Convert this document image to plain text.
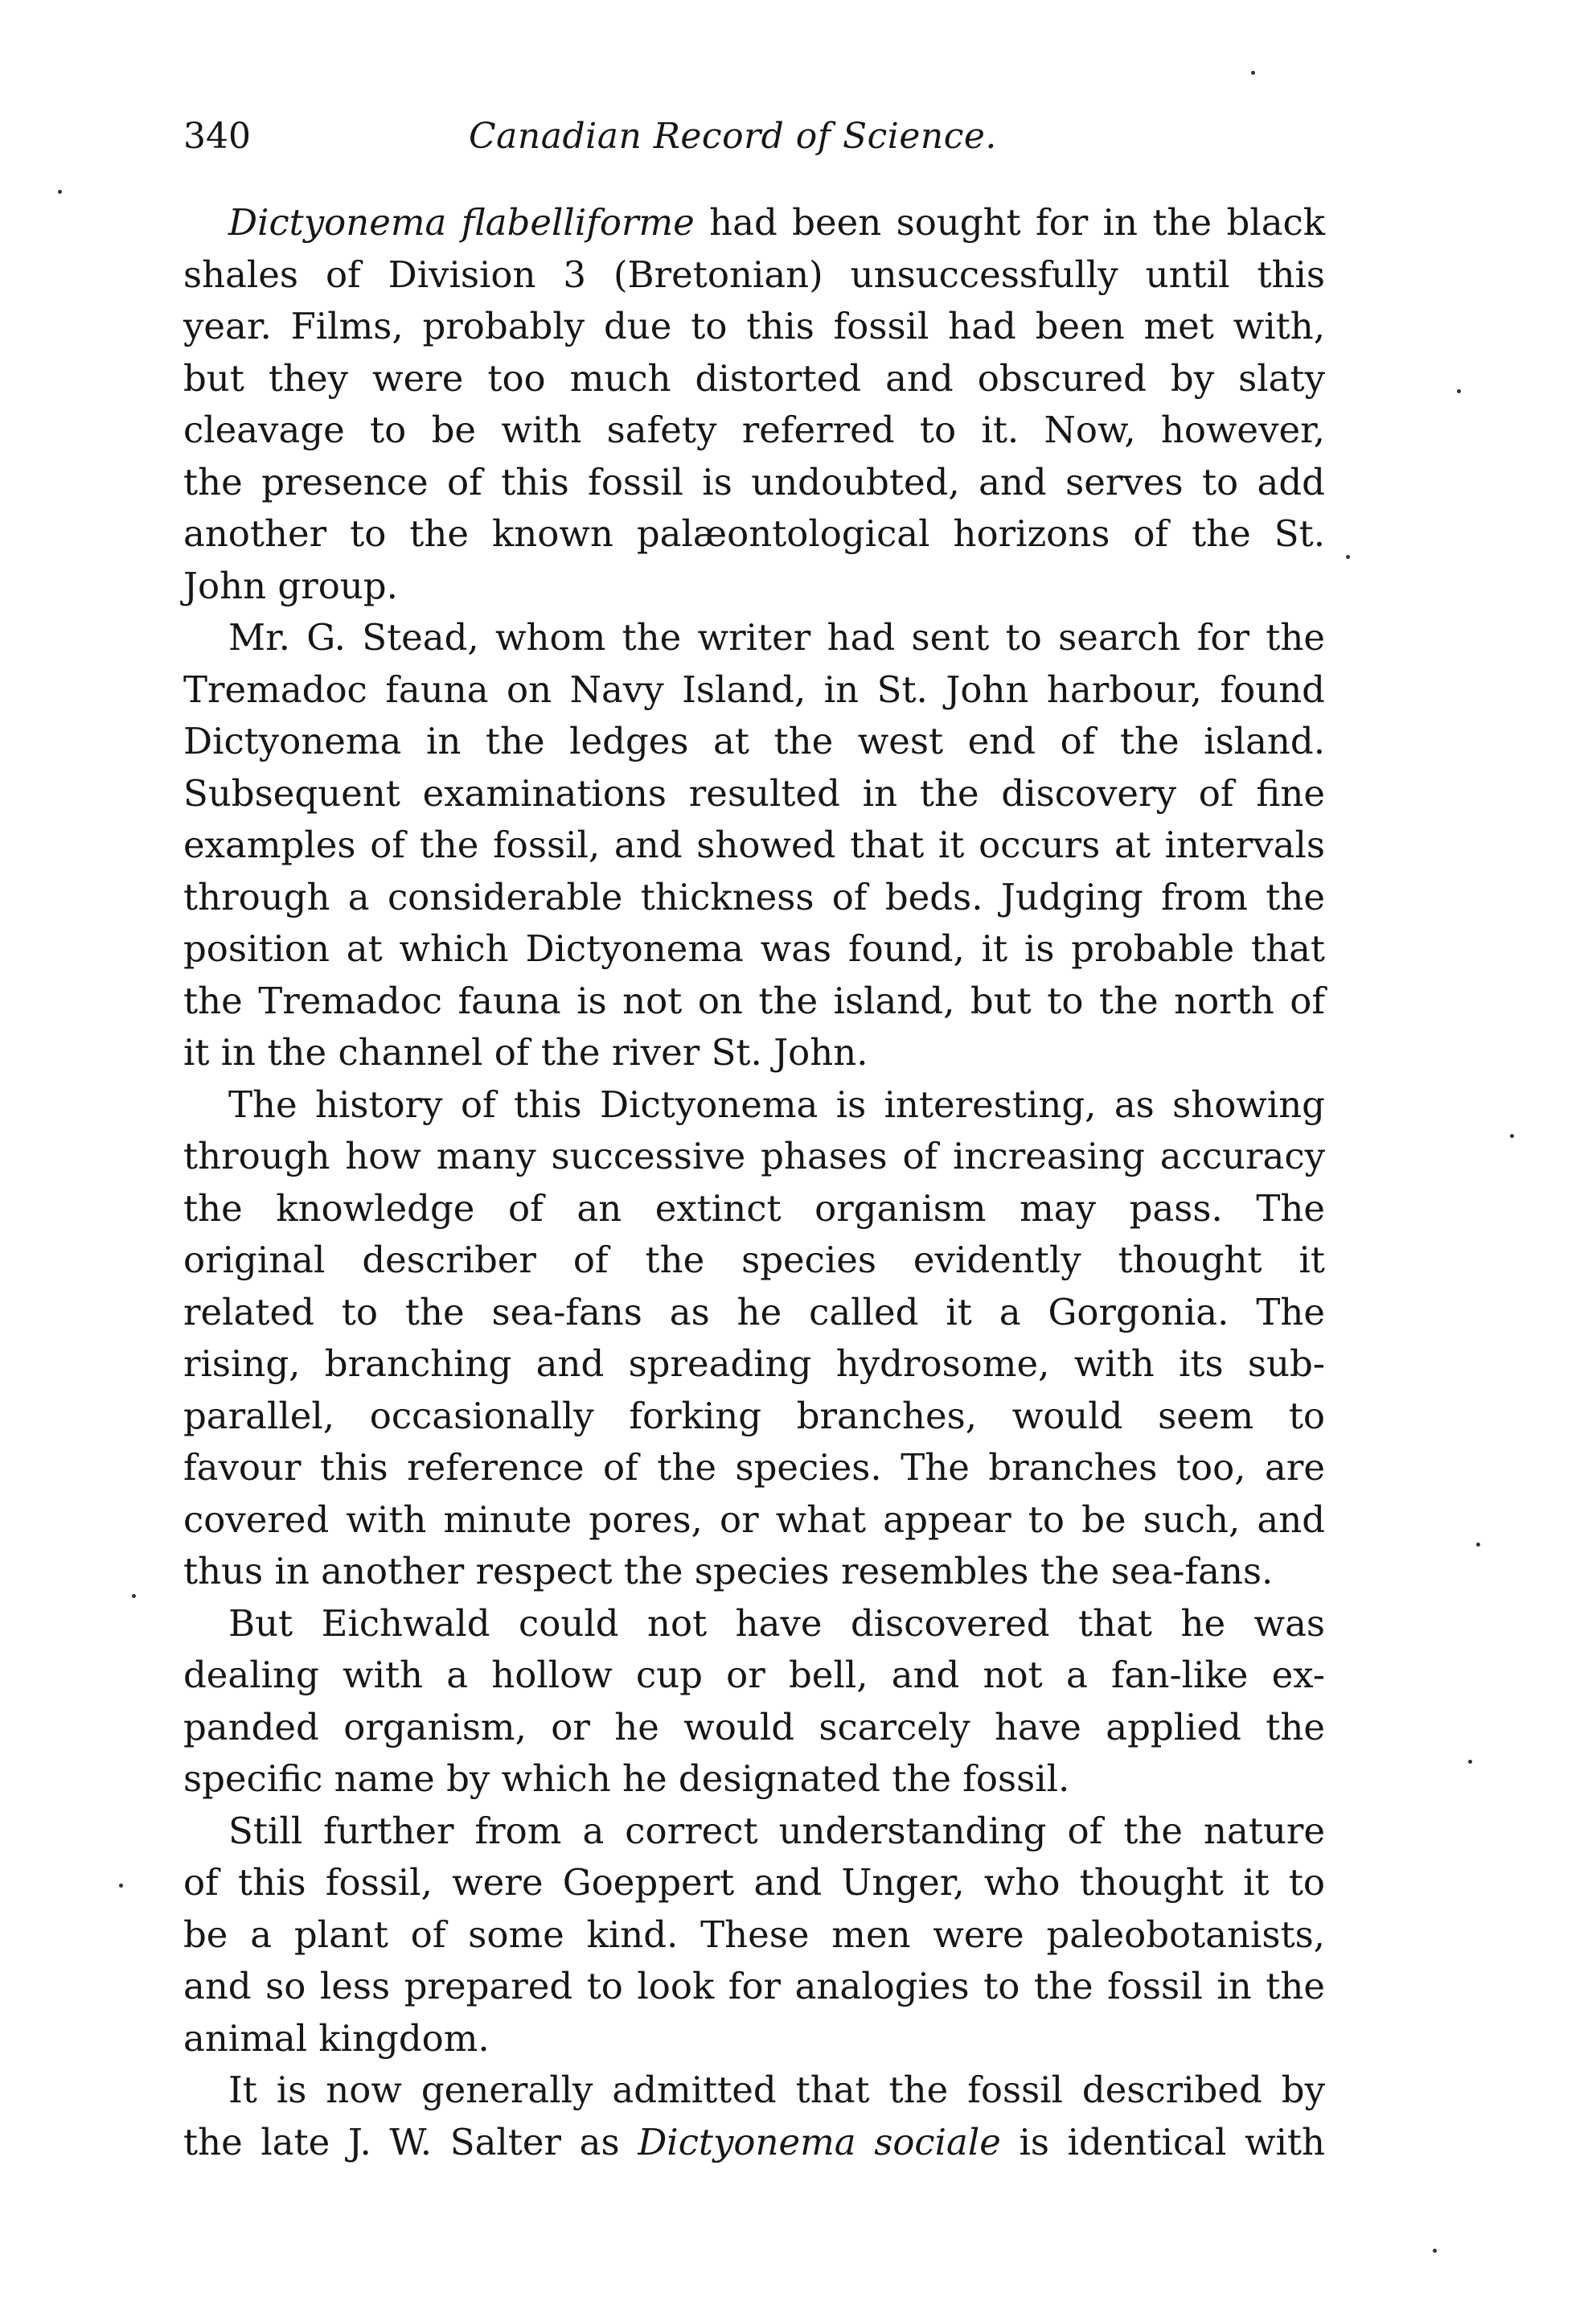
340	Canadian Record of Science.
Dictyonema flabelliforme had been sought for in the black
shales of Division 3 (Bretonian) unsuccessfully until this
year. Films, probably due to this fossil had been met with,
but they were too much distorted and obscured by slaty
cleavage to be with safety referred to it. Now, however,
the presence of this fossil is undoubted, and serves to add
another to the known palæontological horizons of the St.
John group.
Mr. G. Stead, whom the writer had sent to search for the
Tremadoc fauna on Navy Island, in St. John harbour, found
Dictyonema in the ledges at the west end of the island.
Subsequent examinations resulted in the discovery of fine
examples of the fossil, and showed that it occurs at intervals
through a considerable thickness of beds. Judging from the
position at which Dictyonema was found, it is probable that
the Tremadoc fauna is not on the island, but to the north of
it in the channel of the river St. John.
The history of this Dictyonema is interesting, as showing
through how many successive phases of increasing accuracy
the knowledge of an extinct organism may pass. The
original describer of the species evidently thought it
related to the sea-fans as he called it a Gorgonia. The
rising, branching and spreading hydrosome, with its sub-
parallel, occasionally forking branches, would seem to
favour this reference of the species. The branches too, are
covered with minute pores, or what appear to be such, and
thus in another respect the species resembles the sea-fans.
But Eichwald could not have discovered that he was
dealing with a hollow cup or bell, and not a fan-like ex-
panded organism, or he would scarcely have applied the
specific name by which he designated the fossil.
Still further from a correct understanding of the nature
of this fossil, were Goeppert and Unger, who thought it to
be a plant of some kind. These men were paleobotanists,
and so less prepared to look for analogies to the fossil in the
animal kingdom.
It is now generally admitted that the fossil described by
the late J. W. Salter as Dictyonema sociale is identical with
